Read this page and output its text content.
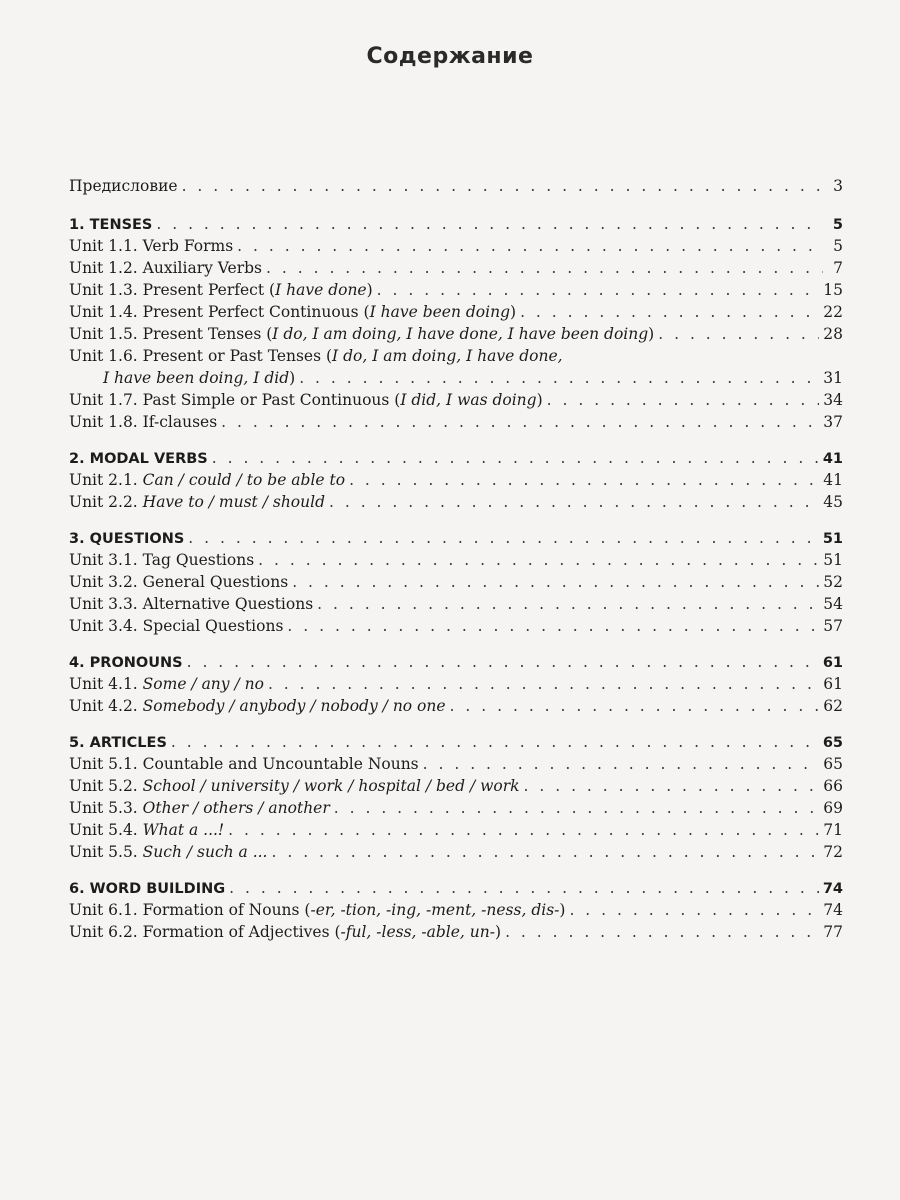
Содержание
Предисловие . . .	3
1. TENSES . . .	5
Unit 1.1. Verb Forms . . .	5
Unit 1.2. Auxiliary Verbs . . .	7
Unit 1.3. Present Perfect (I have done) . . .	15
Unit 1.4. Present Perfect Continuous (I have been doing) . . .	22
Unit 1.5. Present Tenses (I do, I am doing, I have done, I have been doing) . . .	28
Unit 1.6. Present or Past Tenses (I do, I am doing, I have done,
I have been doing, I did) . . .	31
Unit 1.7. Past Simple or Past Continuous (I did, I was doing) . . .	34
Unit 1.8. If-clauses . . .	37
2. MODAL VERBS . . .	41
Unit 2.1. Can / could / to be able to . . .	41
Unit 2.2. Have to / must / should . . .	45
3. QUESTIONS . . .	51
Unit 3.1. Tag Questions . . .	51
Unit 3.2. General Questions . . .	52
Unit 3.3. Alternative Questions . . .	54
Unit 3.4. Special Questions . . .	57
4. PRONOUNS . . .	61
Unit 4.1. Some / any / no . . .	61
Unit 4.2. Somebody / anybody / nobody / no one . . .	62
5. ARTICLES . . .	65
Unit 5.1. Countable and Uncountable Nouns . . .	65
Unit 5.2. School / university / work / hospital / bed / work . . .	66
Unit 5.3. Other / others / another . . .	69
Unit 5.4. What a ...! . . .	71
Unit 5.5. Such / such a ... . . .	72
6. WORD BUILDING . . .	74
Unit 6.1. Formation of Nouns (-er, -tion, -ing, -ment, -ness, dis-) . . .	74
Unit 6.2. Formation of Adjectives (-ful, -less, -able, un-) . . .	77
